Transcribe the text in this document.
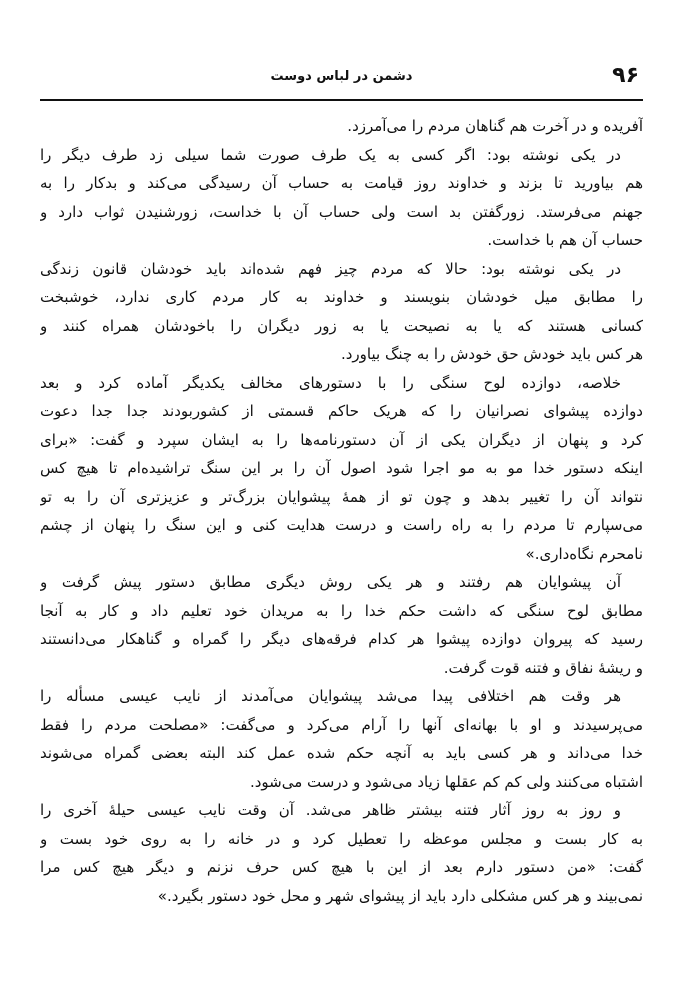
۹۶
دشمن در لباس دوست
آفریده و در آخرت هم گناهان مردم را می‌آمرزد.
در یکی نوشته بود: اگر کسی به یک طرف صورت شما سیلی زد طرف دیگر را
هم بیاورید تا بزند و خداوند روز قیامت به حساب آن رسیدگی می‌کند و بدکار را به
جهنم می‌فرستد. زورگفتن بد است ولی حساب آن با خداست، زورشنیدن ثواب دارد و
حساب آن هم با خداست.
در یکی نوشته بود: حالا که مردم چیز فهم شده‌اند باید خودشان قانون زندگی
را مطابق میل خودشان بنویسند و خداوند به کار مردم کاری ندارد، خوشبخت
کسانی هستند که یا به نصیحت یا به زور دیگران را باخودشان همراه کنند و
هر کس باید خودش حق خودش را به چنگ بیاورد.
خلاصه، دوازده لوح سنگی را با دستورهای مخالف یکدیگر آماده کرد و بعد
دوازده پیشوای نصرانیان را که هریک حاکم قسمتی از کشوربودند جدا جدا دعوت
کرد و پنهان از دیگران یکی از آن دستورنامه‌ها را به ایشان سپرد و گفت: «برای
اینکه دستور خدا مو به مو اجرا شود اصول آن را بر این سنگ تراشیده‌ام تا هیچ کس
نتواند آن را تغییر بدهد و چون تو از همهٔ پیشوایان بزرگ‌تر و عزیزتری آن را به تو
می‌سپارم تا مردم را به راه راست و درست هدایت کنی و این سنگ را پنهان از چشم
نامحرم نگاه‌داری.»
آن پیشوایان هم رفتند و هر یکی روش دیگری مطابق دستور پیش گرفت و
مطابق لوح سنگی که داشت حکم خدا را به مریدان خود تعلیم داد و کار به آنجا
رسید که پیروان دوازده پیشوا هر کدام فرقه‌های دیگر را گمراه و گناهکار می‌دانستند
و ریشهٔ نفاق و فتنه قوت گرفت.
هر وقت هم اختلافی پیدا می‌شد پیشوایان می‌آمدند از نایب عیسی مسأله را
می‌پرسیدند و او با بهانه‌ای آنها را آرام می‌کرد و می‌گفت: «مصلحت مردم را فقط
خدا می‌داند و هر کسی باید به آنچه حکم شده عمل کند البته بعضی گمراه می‌شوند
اشتباه می‌کنند ولی کم کم عقلها زیاد می‌شود و درست می‌شود.
و روز به روز آثار فتنه بیشتر ظاهر می‌شد. آن وقت نایب عیسی حیلهٔ آخری را
به کار بست و مجلس موعظه را تعطیل کرد و در خانه را به روی خود بست و
گفت: «من دستور دارم بعد از این با هیچ کس حرف نزنم و دیگر هیچ کس مرا
نمی‌بیند و هر کس مشکلی دارد باید از پیشوای شهر و محل خود دستور بگیرد.»
